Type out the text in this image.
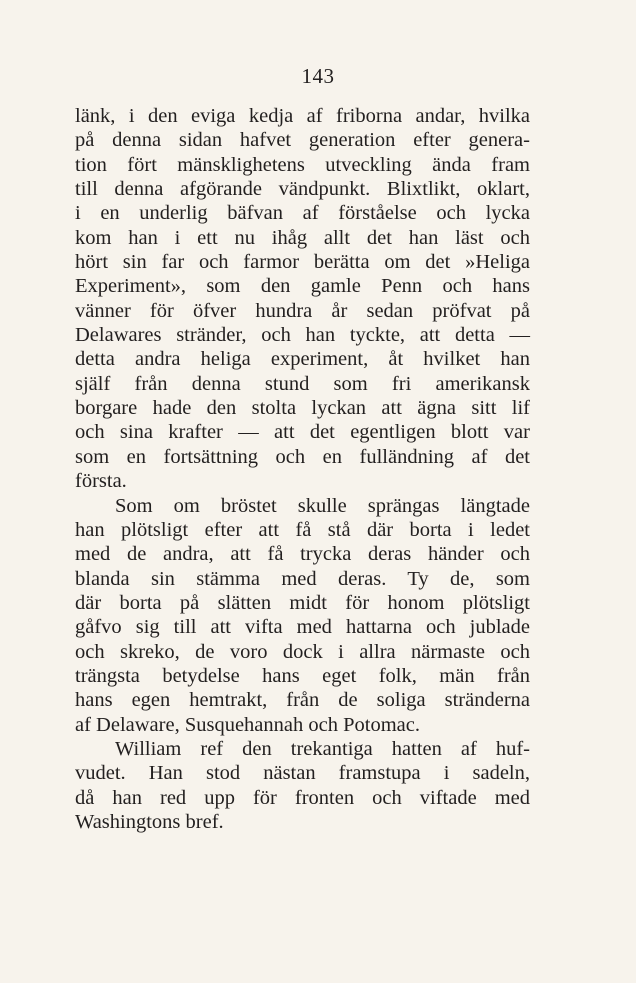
143
länk, i den eviga kedja af friborna andar, hvilka
på denna sidan hafvet generation efter genera-
tion fört mänsklighetens utveckling ända fram
till denna afgörande vändpunkt. Blixtlikt, oklart,
i en underlig bäfvan af förståelse och lycka
kom han i ett nu ihåg allt det han läst och
hört sin far och farmor berätta om det »Heliga
Experiment», som den gamle Penn och hans
vänner för öfver hundra år sedan pröfvat på
Delawares stränder, och han tyckte, att detta —
detta andra heliga experiment, åt hvilket han
själf från denna stund som fri amerikansk
borgare hade den stolta lyckan att ägna sitt lif
och sina krafter — att det egentligen blott var
som en fortsättning och en fulländning af det
första.
Som om bröstet skulle sprängas längtade
han plötsligt efter att få stå där borta i ledet
med de andra, att få trycka deras händer och
blanda sin stämma med deras. Ty de, som
där borta på slätten midt för honom plötsligt
gåfvo sig till att vifta med hattarna och jublade
och skreko, de voro dock i allra närmaste och
trängsta betydelse hans eget folk, män från
hans egen hemtrakt, från de soliga stränderna
af Delaware, Susquehannah och Potomac.
William ref den trekantiga hatten af huf-
vudet. Han stod nästan framstupa i sadeln,
då han red upp för fronten och viftade med
Washingtons bref.
